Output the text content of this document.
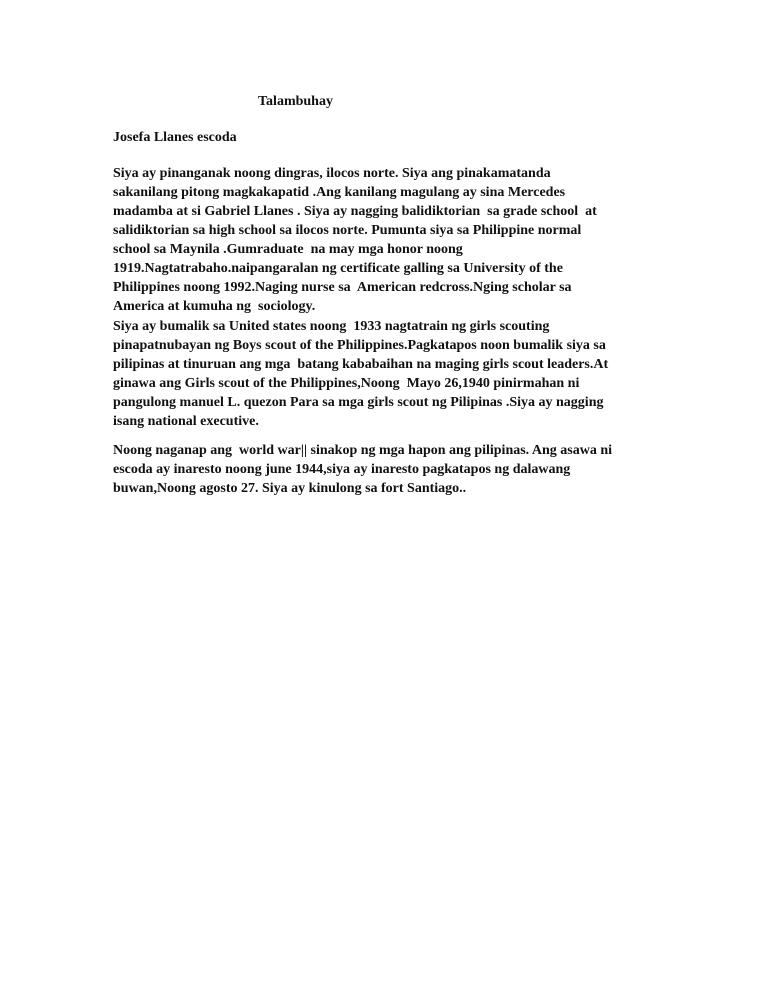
Talambuhay

Josefa Llanes escoda

Siya ay pinanganak noong dingras, ilocos norte. Siya ang pinakamatanda
sakanilang pitong magkakapatid .Ang kanilang magulang ay sina Mercedes
madamba at si Gabriel Llanes . Siya ay nagging balidiktorian  sa grade school  at
salidiktorian sa high school sa ilocos norte. Pumunta siya sa Philippine normal
school sa Maynila .Gumraduate  na may mga honor noong
1919.Nagtatrabaho.naipangaralan ng certificate galling sa University of the
Philippines noong 1992.Naging nurse sa  American redcross.Nging scholar sa
America at kumuha ng  sociology.

Siya ay bumalik sa United states noong  1933 nagtatrain ng girls scouting
pinapatnubayan ng Boys scout of the Philippines.Pagkatapos noon bumalik siya sa
pilipinas at tinuruan ang mga  batang kababaihan na maging girls scout leaders.At
ginawa ang Girls scout of the Philippines,Noong  Mayo 26,1940 pinirmahan ni
pangulong manuel L. quezon Para sa mga girls scout ng Pilipinas .Siya ay nagging
isang national executive.

Noong naganap ang  world war|| sinakop ng mga hapon ang pilipinas. Ang asawa ni
escoda ay inaresto noong june 1944,siya ay inaresto pagkatapos ng dalawang
buwan,Noong agosto 27. Siya ay kinulong sa fort Santiago..
